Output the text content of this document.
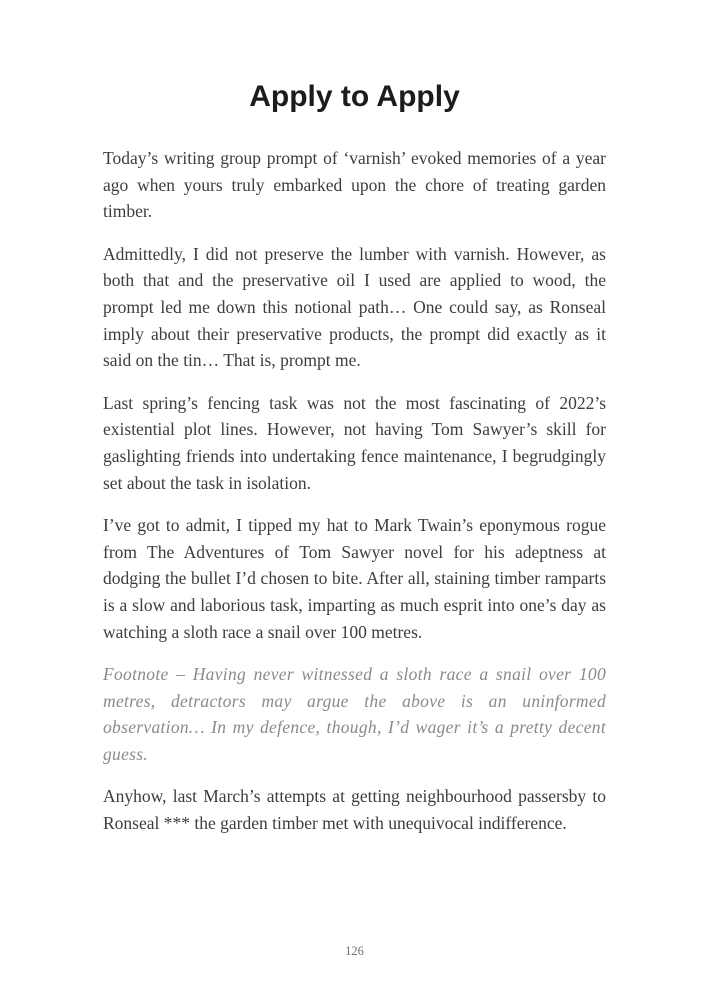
Apply to Apply

Today’s writing group prompt of ‘varnish’ evoked memories of a year ago when yours truly embarked upon the chore of treating garden timber.

Admittedly, I did not preserve the lumber with varnish. However, as both that and the preservative oil I used are applied to wood, the prompt led me down this notional path… One could say, as Ronseal imply about their preservative products, the prompt did exactly as it said on the tin… That is, prompt me.

Last spring’s fencing task was not the most fascinating of 2022’s existential plot lines. However, not having Tom Sawyer’s skill for gaslighting friends into undertaking fence maintenance, I begrudgingly set about the task in isolation.

I’ve got to admit, I tipped my hat to Mark Twain’s eponymous rogue from The Adventures of Tom Sawyer novel for his adeptness at dodging the bullet I’d chosen to bite. After all, staining timber ramparts is a slow and laborious task, imparting as much esprit into one’s day as watching a sloth race a snail over 100 metres.

Footnote – Having never witnessed a sloth race a snail over 100 metres, detractors may argue the above is an uninformed observation… In my defence, though, I’d wager it’s a pretty decent guess.

Anyhow, last March’s attempts at getting neighbourhood passersby to Ronseal *** the garden timber met with unequivocal indifference.

126
